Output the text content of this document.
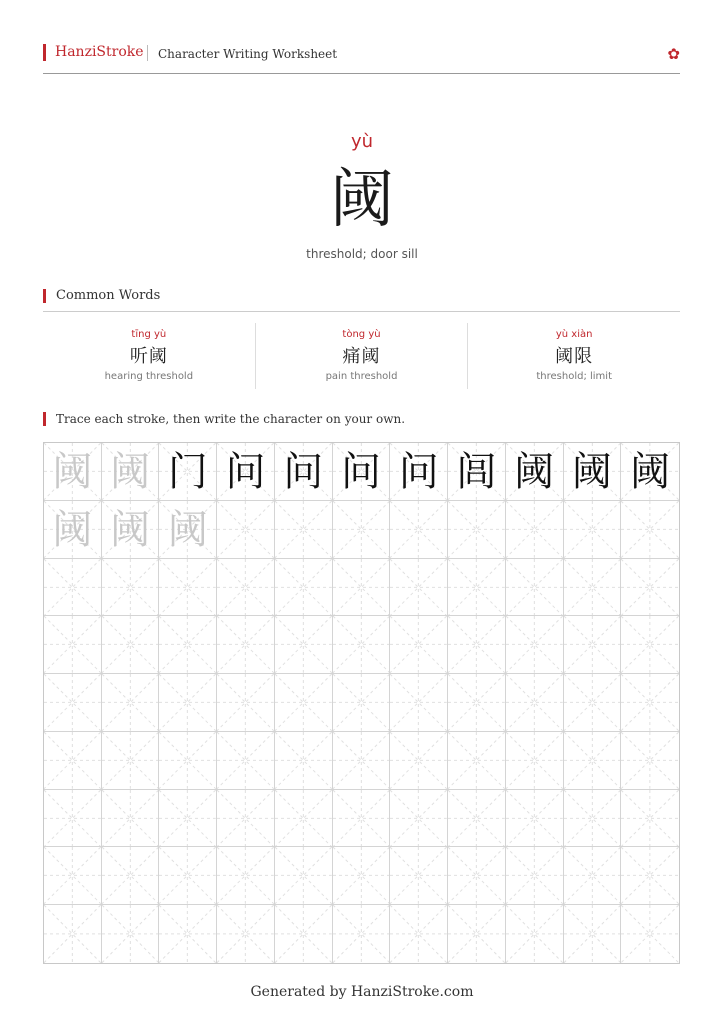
HanziStroke Character Writing Worksheet	✿
yù
阈
threshold; door sill
Common Words
tīng yù
听阈
hearing threshold
tòng yù
痛阈
pain threshold
yù xiàn
阈限
threshold; limit
Trace each stroke, then write the character on your own.
阈 阈 门 问 问 问 问 闾 阈 阈 阈
阈 阈 阈
Generated by HanziStroke.com
